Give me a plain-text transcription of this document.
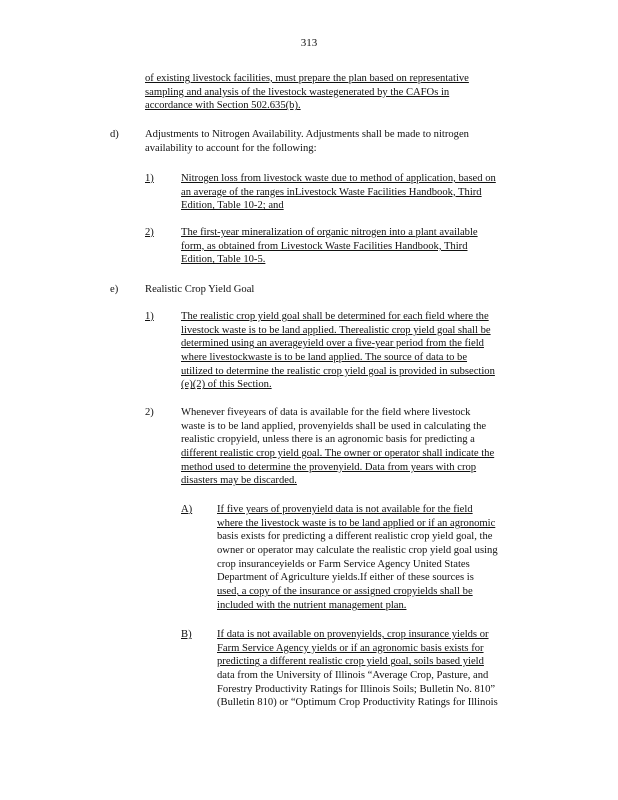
313
of existing livestock facilities, must prepare the plan based on representative
sampling and analysis of the livestock wastegenerated by the CAFOs in
accordance with Section 502.635(b).
d) Adjustments to Nitrogen Availability. Adjustments shall be made to nitrogen
availability to account for the following:
1)	Nitrogen loss from livestock waste due to method of application, based on
an average of the ranges inLivestock Waste Facilities Handbook, Third
Edition, Table 10-2; and
2)	The first-year mineralization of organic nitrogen into a plant available
form, as obtained from Livestock Waste Facilities Handbook, Third
Edition, Table 10-5.
e)	Realistic Crop Yield Goal
1)	The realistic crop yield goal shall be determined for each field where the
livestock waste is to be land applied. Therealistic crop yield goal shall be
determined using an averageyield over a five-year period from the field
where livestockwaste is to be land applied. The source of data to be
utilized to determine the realistic crop yield goal is provided in subsection
(e)(2) of this Section.
2)	Whenever fiveyears of data is available for the field where livestock
waste is to be land applied, provenyields shall be used in calculating the
realistic cropyield, unless there is an agronomic basis for predicting a
different realistic crop yield goal. The owner or operator shall indicate the
method used to determine the provenyield. Data from years with crop
disasters may be discarded.
A) If five years of provenyield data is not available for the field
where the livestock waste is to be land applied or if an agronomic
basis exists for predicting a different realistic crop yield goal, the
owner or operator may calculate the realistic crop yield goal using
crop insuranceyields or Farm Service Agency United States
Department of Agriculture yields.If either of these sources is
used, a copy of the insurance or assigned cropyields shall be
included with the nutrient management plan.
B) If data is not available on provenyields, crop insurance yields or
Farm Service Agency yields or if an agronomic basis exists for
predicting a different realistic crop yield goal, soils based yield
data from the University of Illinois “Average Crop, Pasture, and
Forestry Productivity Ratings for Illinois Soils; Bulletin No. 810”
(Bulletin 810) or “Optimum Crop Productivity Ratings for Illinois
